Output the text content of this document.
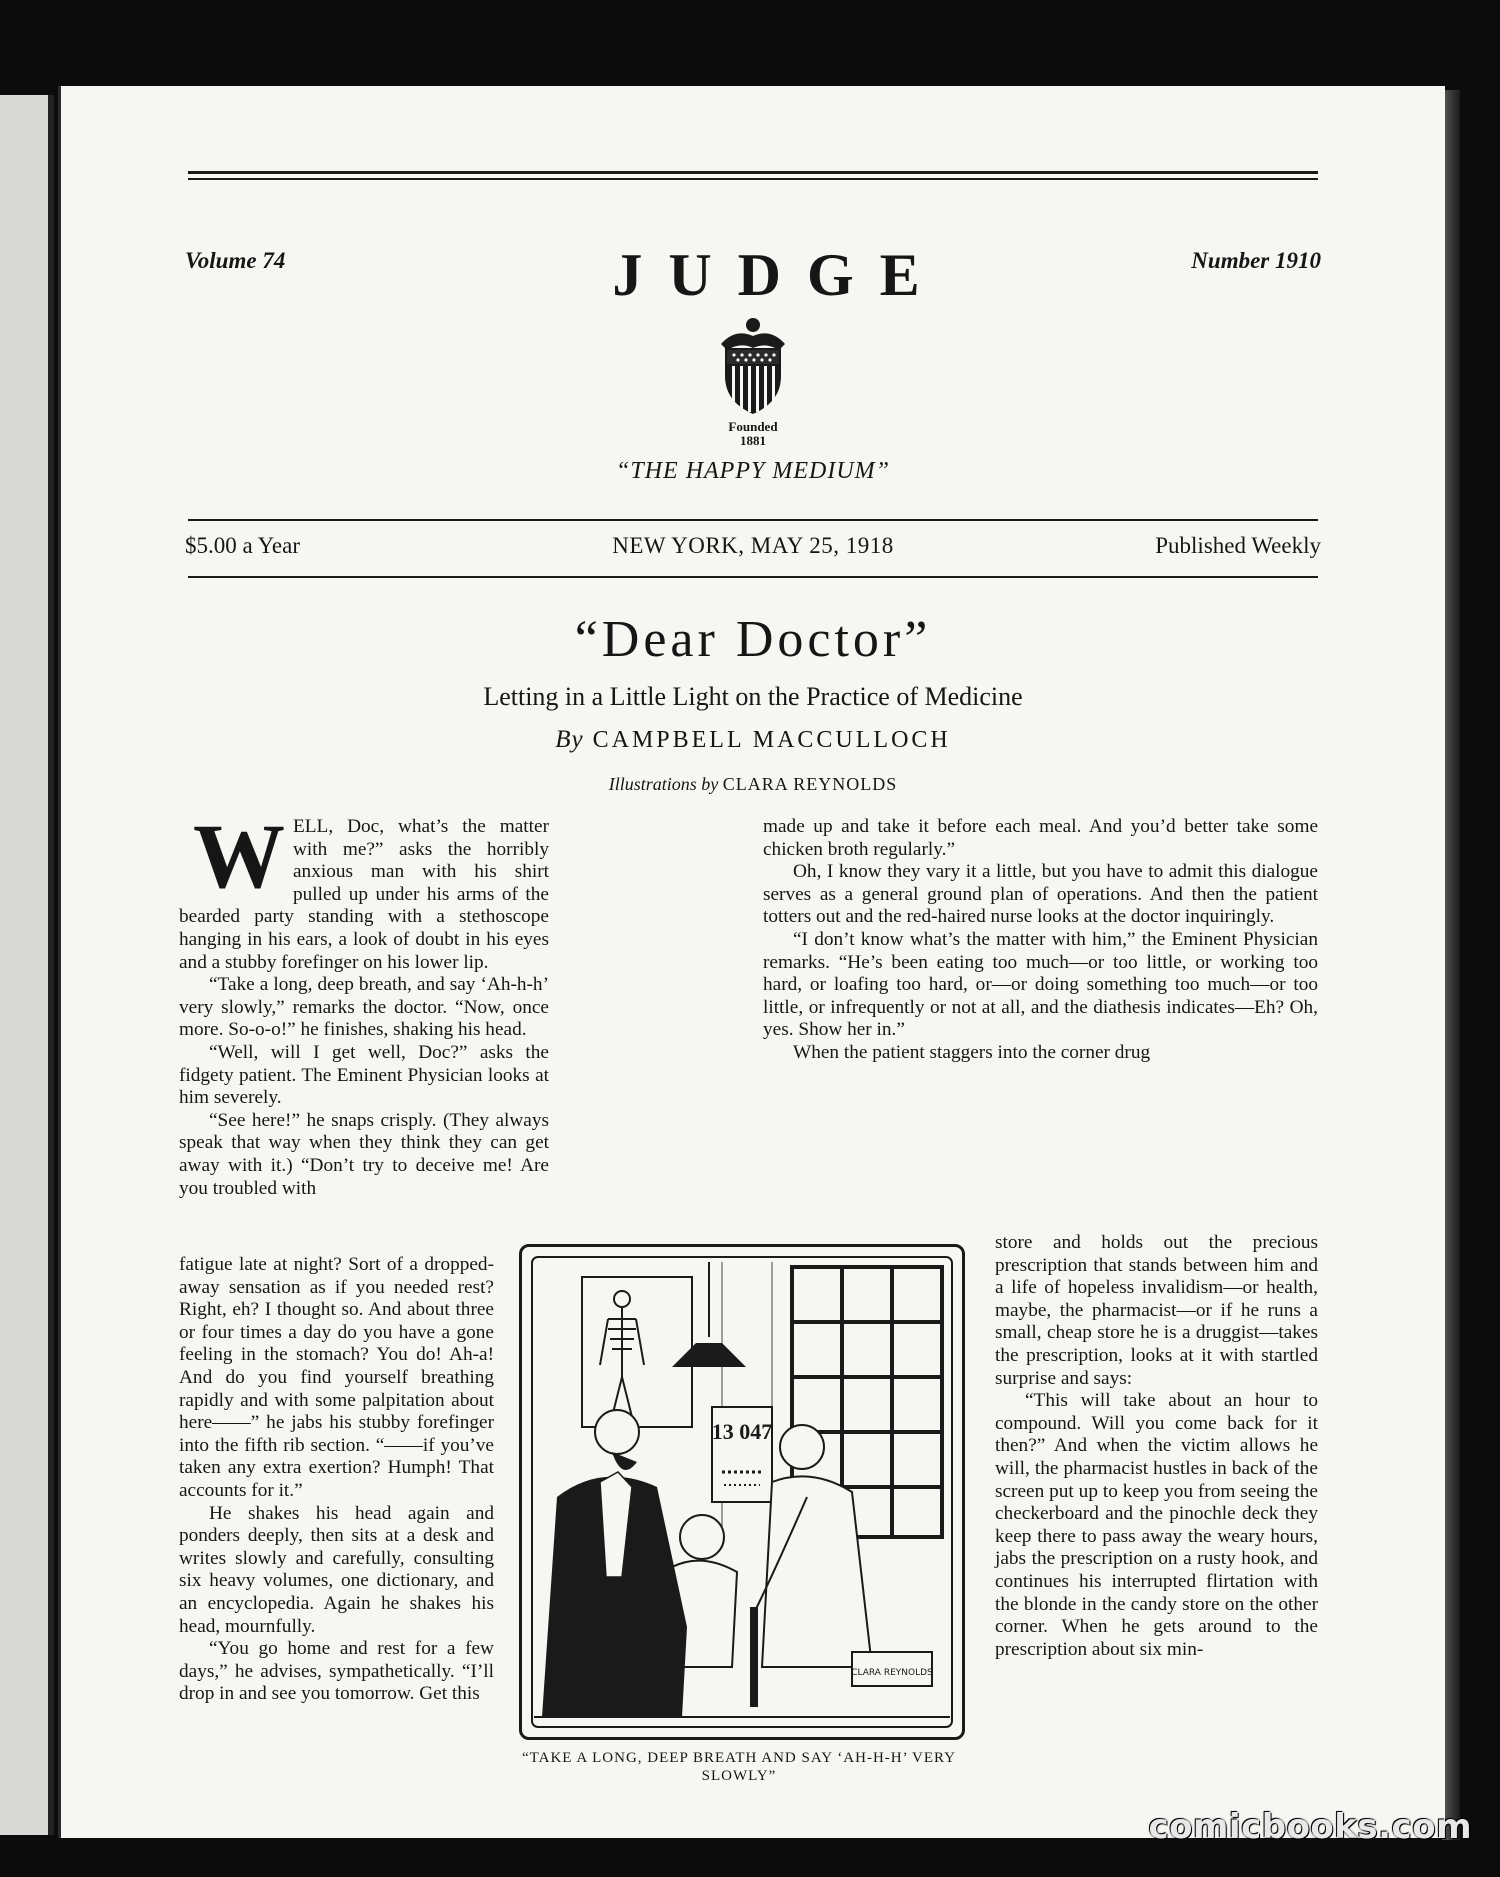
Volume 74	JUDGE	Number 1910
Founded
1881
“THE HAPPY MEDIUM”
$5.00 a Year	NEW YORK, MAY 25, 1918	Published Weekly
“Dear Doctor”
Letting in a Little Light on the Practice of Medicine
By CAMPBELL MACCULLOCH
Illustrations by CLARA REYNOLDS

W ELL, Doc, what’s the matter with me?” asks the horribly anxious man with his shirt pulled up under his arms of the bearded party standing with a stethoscope hanging in his ears, a look of doubt in his eyes and a stubby forefinger on his lower lip.

“Take a long, deep breath, and say ‘Ah-h-h’ very slowly,” remarks the doctor. “Now, once more. So-o-o!” he finishes, shaking his head.

“Well, will I get well, Doc?” asks the fidgety patient. The Eminent Physician looks at him severely.

“See here!” he snaps crisply. (They always speak that way when they think they can get away with it.) “Don’t try to deceive me! Are you troubled with

fatigue late at night? Sort of a dropped-away sensation as if you needed rest? Right, eh? I thought so. And about three or four times a day do you have a gone feeling in the stomach? You do! Ah-a! And do you find yourself breathing rapidly and with some palpitation about here——” he jabs his stubby forefinger into the fifth rib section. “——if you’ve taken any extra exertion? Humph! That accounts for it.”

He shakes his head again and ponders deeply, then sits at a desk and writes slowly and carefully, consulting six heavy volumes, one dictionary, and an encyclopedia. Again he shakes his head, mournfully.

“You go home and rest for a few days,” he advises, sympathetically. “I’ll drop in and see you tomorrow. Get this

made up and take it before each meal. And you’d better take some chicken broth regularly.”

Oh, I know they vary it a little, but you have to admit this dialogue serves as a general ground plan of operations. And then the patient totters out and the red-haired nurse looks at the doctor inquiringly.

“I don’t know what’s the matter with him,” the Eminent Physician remarks. “He’s been eating too much—or too little, or working too hard, or loafing too hard, or—or doing something too much—or too little, or infrequently or not at all, and the diathesis indicates—Eh? Oh, yes. Show her in.”

When the patient staggers into the corner drug

store and holds out the precious prescription that stands between him and a life of hopeless invalidism—or health, maybe, the pharmacist—or if he runs a small, cheap store he is a druggist—takes the prescription, looks at it with startled surprise and says:

“This will take about an hour to compound. Will you come back for it then?” And when the victim allows he will, the pharmacist hustles in back of the screen put up to keep you from seeing the checkerboard and the pinochle deck they keep there to pass away the weary hours, jabs the prescription on a rusty hook, and continues his interrupted flirtation with the blonde in the candy store on the other corner. When he gets around to the prescription about six min-

13 047
CLARA REYNOLDS
“TAKE A LONG, DEEP BREATH AND SAY ‘AH-H-H’ VERY SLOWLY”
comicbooks.com
